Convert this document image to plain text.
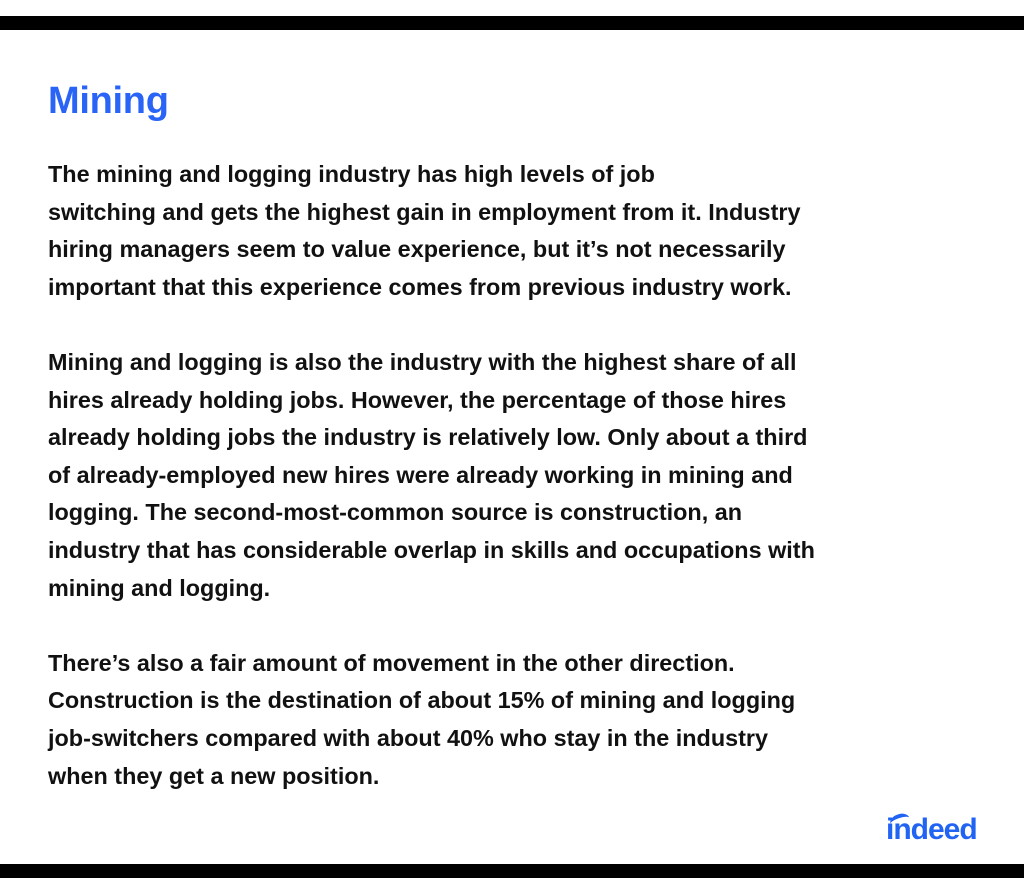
Mining

The mining and logging industry has high levels of job
switching and gets the highest gain in employment from it. Industry
hiring managers seem to value experience, but it’s not necessarily
important that this experience comes from previous industry work.

Mining and logging is also the industry with the highest share of all
hires already holding jobs. However, the percentage of those hires
already holding jobs the industry is relatively low. Only about a third
of already-employed new hires were already working in mining and
logging. The second-most-common source is construction, an
industry that has considerable overlap in skills and occupations with
mining and logging.

There’s also a fair amount of movement in the other direction.
Construction is the destination of about 15% of mining and logging
job-switchers compared with about 40% who stay in the industry
when they get a new position.

indeed
